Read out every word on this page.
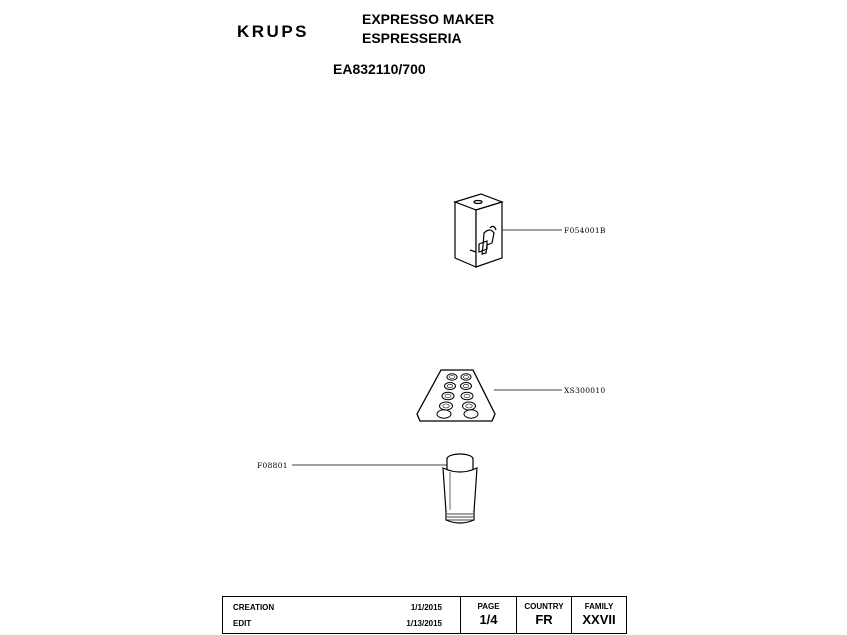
KRUPS
EXPRESSO MAKER
ESPRESSERIA
EA832110/700
F054001B
XS300010
F08801
CREATION	1/1/2015
EDIT	1/13/2015
PAGE
1/4
COUNTRY
FR
FAMILY
XXVII
